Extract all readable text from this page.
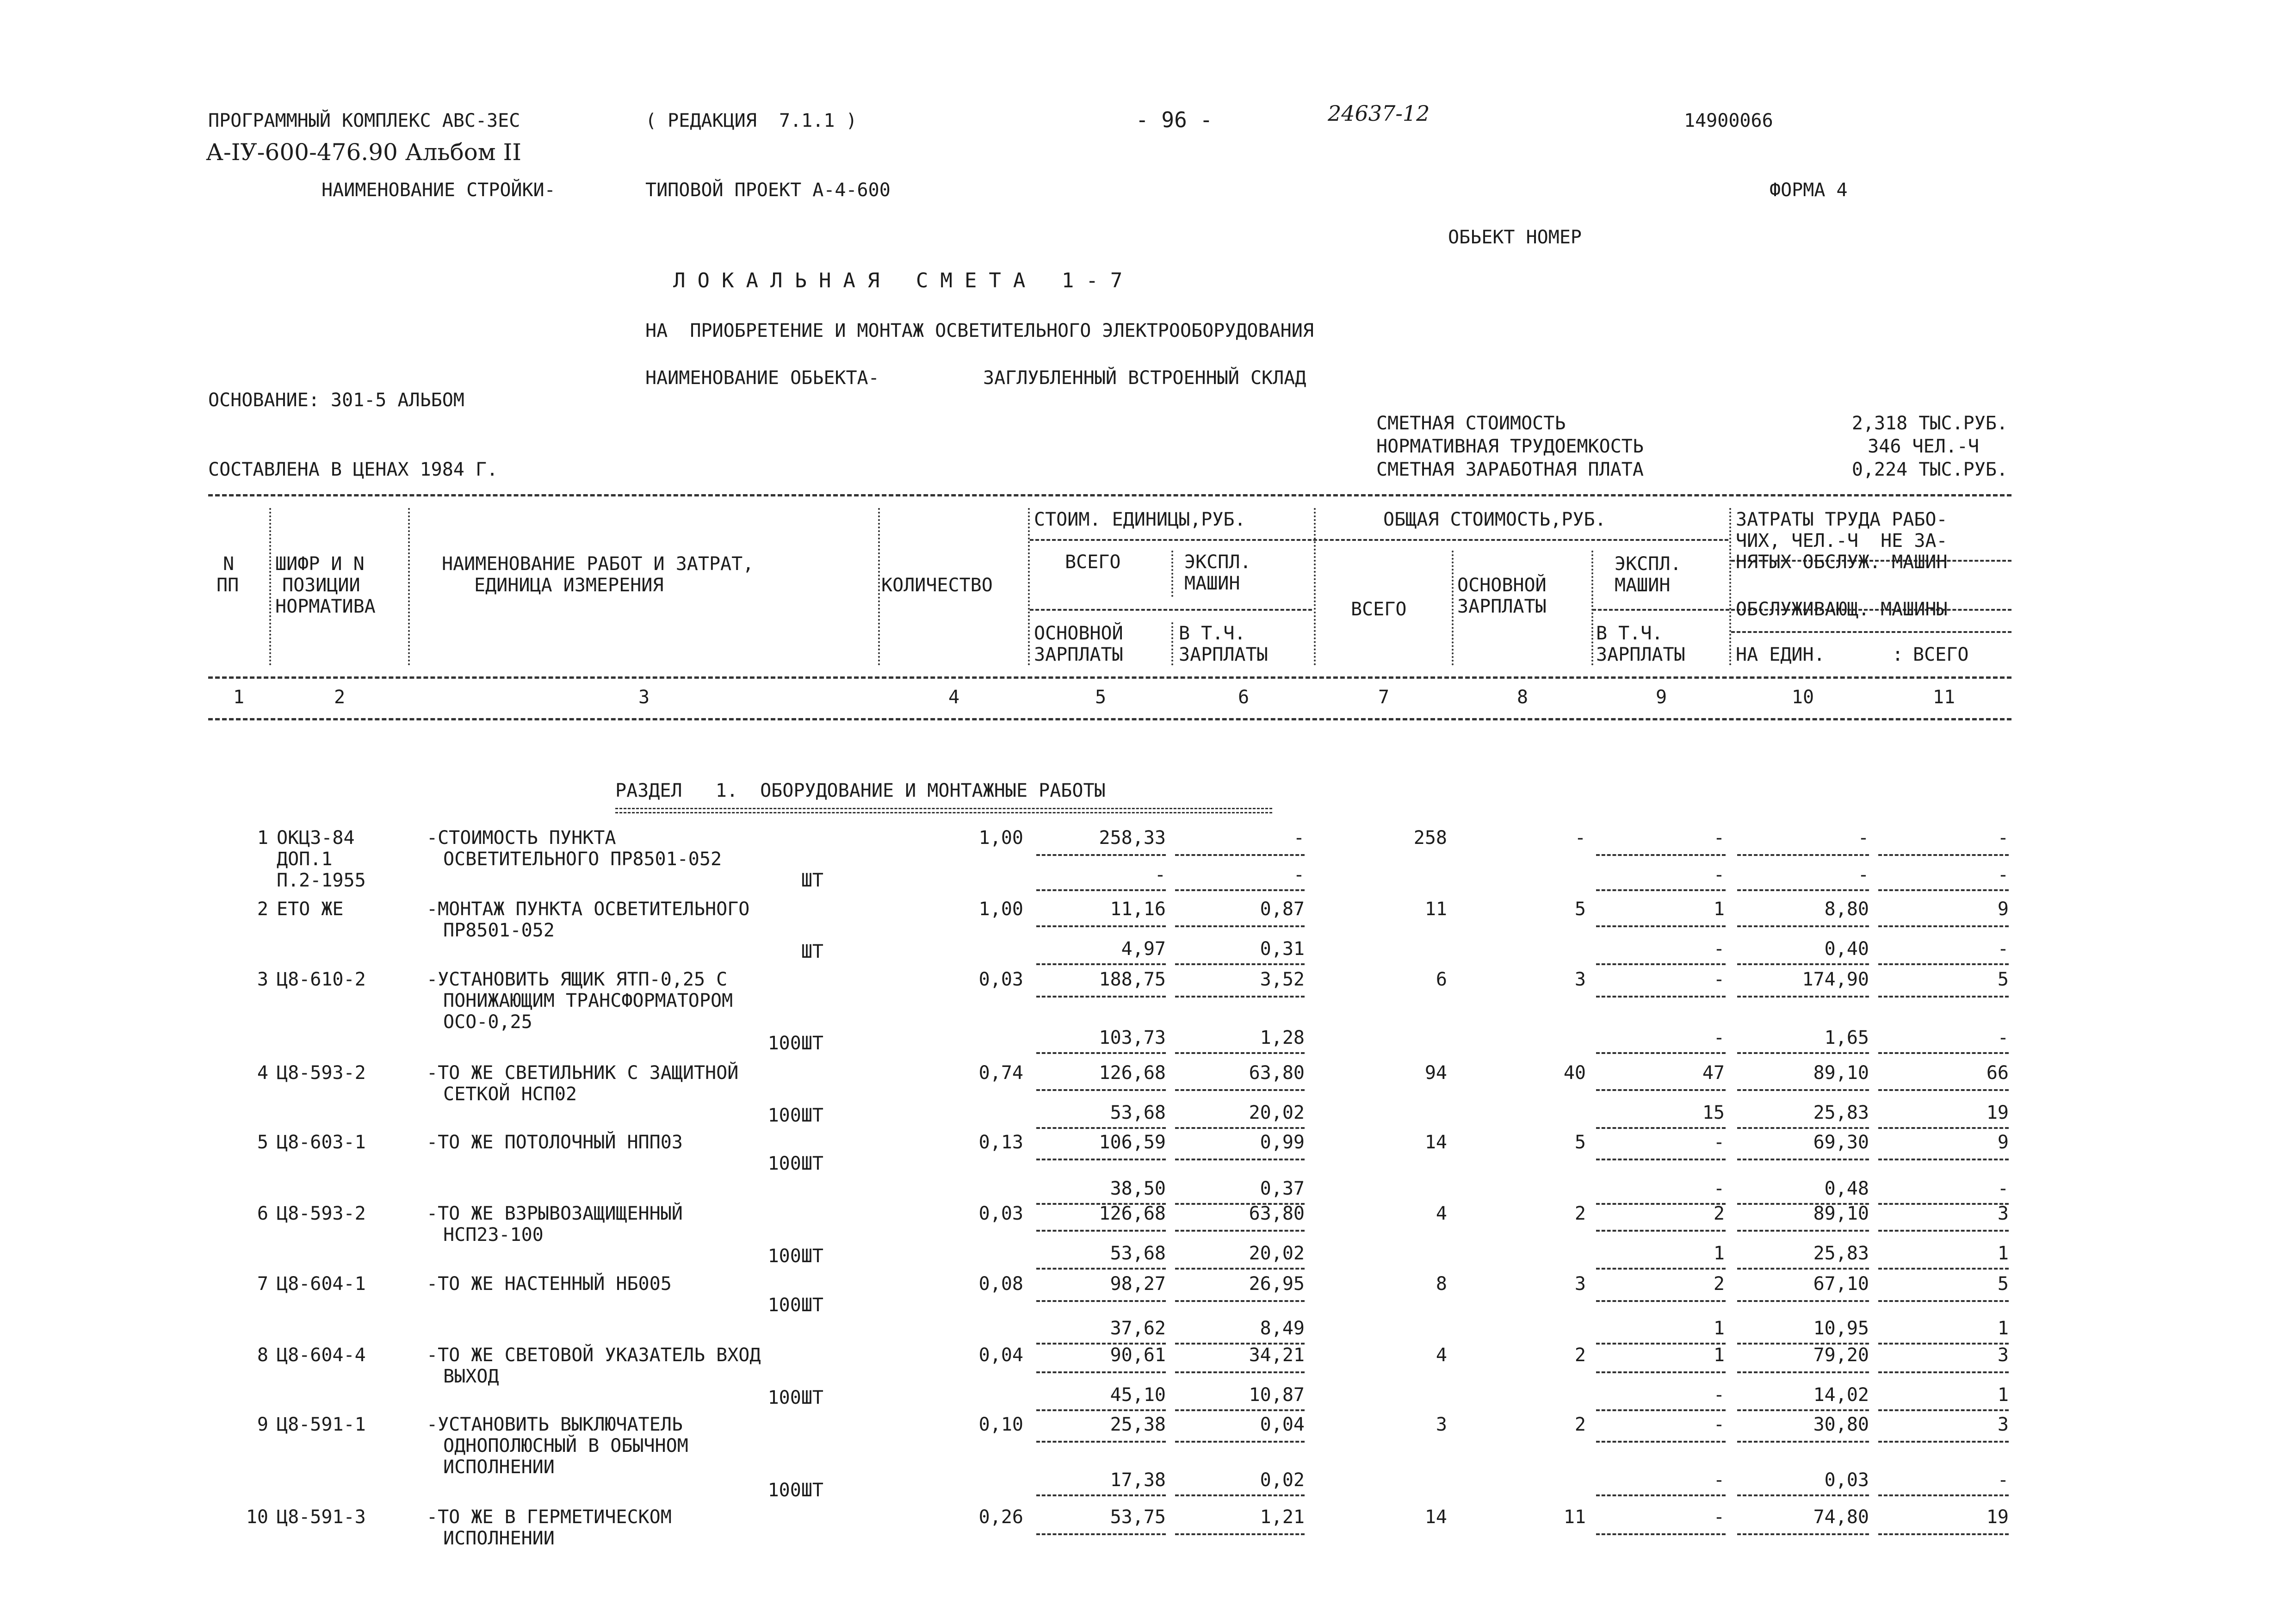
ПРОГРАММНЫЙ КОМПЛЕКС АВС-3ЕС	( РЕДАКЦИЯ  7.1.1 )	- 96 -	24637-12	14900066
А-IУ-600-476.90 Альбом II
НАИМЕНОВАНИЕ СТРОЙКИ-	ТИПОВОЙ ПРОЕКТ А-4-600	ФОРМА 4
ОБЬЕКТ НОМЕР
ЛОКАЛЬНАЯ СМЕТА 1-7
НА  ПРИОБРЕТЕНИЕ И МОНТАЖ ОСВЕТИТЕЛЬНОГО ЭЛЕКТРООБОРУДОВАНИЯ
НАИМЕНОВАНИЕ ОБЬЕКТА-	ЗАГЛУБЛЕННЫЙ ВСТРОЕННЫЙ СКЛАД
ОСНОВАНИЕ: 301-5 АЛЬБОМ
СМЕТНАЯ СТОИМОСТЬ	2,318 ТЫС.РУБ.
НОРМАТИВНАЯ ТРУДОЕМКОСТЬ	346 ЧЕЛ.-Ч
СОСТАВЛЕНА В ЦЕНАХ 1984 Г.	СМЕТНАЯ ЗАРАБОТНАЯ ПЛАТА	0,224 ТЫС.РУБ.
N
ПП
ШИФР И N
ПОЗИЦИИ
НОРМАТИВА
НАИМЕНОВАНИЕ РАБОТ И ЗАТРАТ,
ЕДИНИЦА ИЗМЕРЕНИЯ	КОЛИЧЕСТВО
СТОИМ. ЕДИНИЦЫ,РУБ.	ОБЩАЯ СТОИМОСТЬ,РУБ.	ЗАТРАТЫ ТРУДА РАБО-
ЧИХ, ЧЕЛ.-Ч  НЕ ЗА-
НЯТЫХ ОБСЛУЖ. МАШИН
ВСЕГО	ЭКСПЛ.
МАШИН
ОСНОВНОЙ
ЗАРПЛАТЫ
В Т.Ч.
ЗАРПЛАТЫ
ВСЕГО
ОСНОВНОЙ
ЗАРПЛАТЫ
ЭКСПЛ.
МАШИН
В Т.Ч.
ЗАРПЛАТЫ
ОБСЛУЖИВАЮЩ. МАШИНЫ
НА ЕДИН.	ВСЕГО
:
1	2	3	4	5	6	7	8	9	10	11
РАЗДЕЛ   1.  ОБОРУДОВАНИЕ И МОНТАЖНЫЕ РАБОТЫ
1 ОКЦ3-84
ДОП.1
П.2-1955
-СТОИМОСТЬ ПУНКТА
ОСВЕТИТЕЛЬНОГО ПР8501-052
ШТ
1,00	258,33	-	258	-	-	-	-
-	-	-	-	-
2 ЕТО ЖЕ	-МОНТАЖ ПУНКТА ОСВЕТИТЕЛЬНОГО
ПР8501-052
ШТ
1,00	11,16	0,87	11	5	1	8,80	9
4,97	0,31	-	0,40	-
3 Ц8-610-2	-УСТАНОВИТЬ ЯЩИК ЯТП-0,25 С
ПОНИЖАЮЩИМ ТРАНСФОРМАТОРОМ
ОСО-0,25
100ШТ
0,03	188,75	3,52	6	3	-	174,90	5
103,73	1,28	-	1,65	-
4 Ц8-593-2	-ТО ЖЕ СВЕТИЛЬНИК С ЗАЩИТНОЙ
СЕТКОЙ НСП02
100ШТ
0,74	126,68	63,80	94	40	47	89,10	66
53,68	20,02	15	25,83	19
5 Ц8-603-1	-ТО ЖЕ ПОТОЛОЧНЫЙ НПП03
100ШТ
0,13	106,59	0,99	14	5	-	69,30	9
38,50	0,37	-	0,48	-
6 Ц8-593-2	-ТО ЖЕ ВЗРЫВОЗАЩИЩЕННЫЙ
НСП23-100
100ШТ
0,03	126,68	63,80	4	2	2	89,10	3
53,68	20,02	1	25,83	1
7 Ц8-604-1	-ТО ЖЕ НАСТЕННЫЙ НБ005
100ШТ
0,08	98,27	26,95	8	3	2	67,10	5
37,62	8,49	1	10,95	1
8 Ц8-604-4	-ТО ЖЕ СВЕТОВОЙ УКАЗАТЕЛЬ ВХОД
ВЫХОД
100ШТ
0,04	90,61	34,21	4	2	1	79,20	3
45,10	10,87	-	14,02	1
9 Ц8-591-1	-УСТАНОВИТЬ ВЫКЛЮЧАТЕЛЬ
ОДНОПОЛЮСНЫЙ В ОБЫЧНОМ
ИСПОЛНЕНИИ
100ШТ
0,10	25,38	0,04	3	2	-	30,80	3
17,38	0,02	-	0,03	-
10 Ц8-591-3	-ТО ЖЕ В ГЕРМЕТИЧЕСКОМ
ИСПОЛНЕНИИ
0,26	53,75	1,21	14	11	-	74,80	19
